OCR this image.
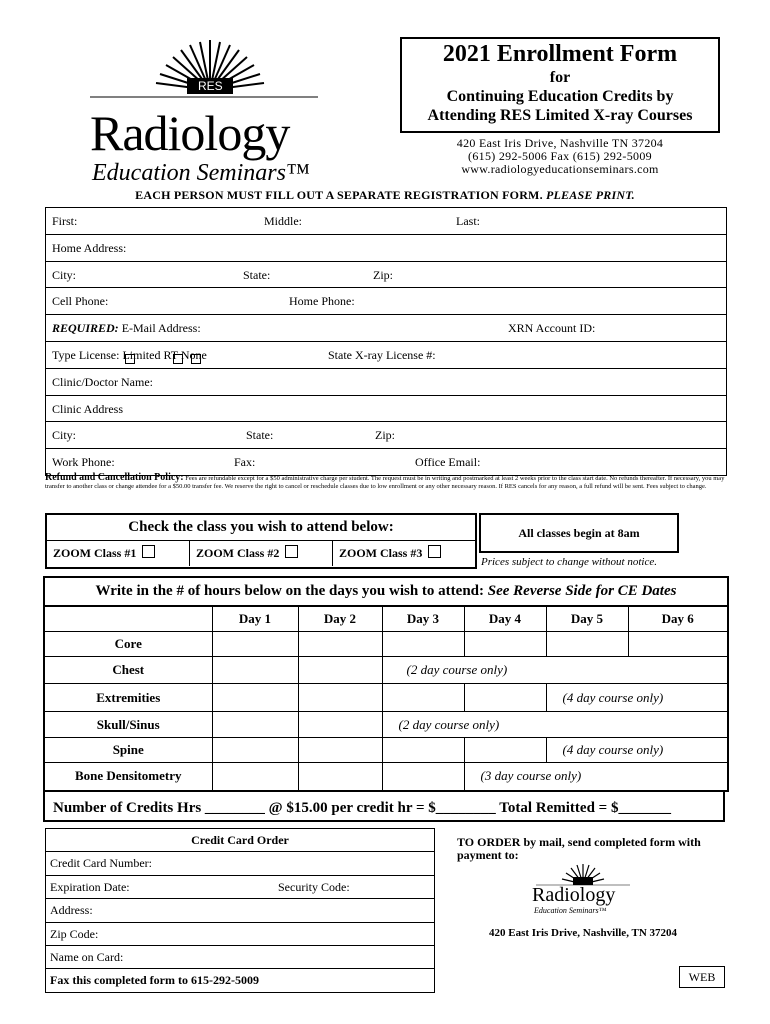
RES
Radiology
Education Seminars™
2021 Enrollment Form
for
Continuing Education Credits by
Attending RES Limited X-ray Courses
420 East Iris Drive, Nashville TN 37204
(615) 292-5006 Fax (615) 292-5009
www.radiologyeducationseminars.com
EACH PERSON MUST FILL OUT A SEPARATE REGISTRATION FORM. PLEASE PRINT.
First:	Middle:	Last:
Home Address:
City:	State:	Zip:
Cell Phone:	Home Phone:
REQUIRED: E-Mail Address:	XRN Account ID:
Type License: Limited RT None	State X-ray License #:
Clinic/Doctor Name:
Clinic Address
City:	State:	Zip:
Work Phone:	Fax:	Office Email:
Refund and Cancellation Policy: Fees are refundable except for a $50 administrative charge per student. The request must be in writing and postmarked at least 2 weeks prior to the class start date. No refunds thereafter. If necessary, you may transfer to another class or change attendee for a $50.00 transfer fee. We reserve the right to cancel or reschedule classes due to low enrollment or any other necessary reason. If RES cancels for any reason, a full refund will be sent. Fees subject to change.
Check the class you wish to attend below:
ZOOM Class #1	ZOOM Class #2	ZOOM Class #3
All classes begin at 8am
Prices subject to change without notice.
Write in the # of hours below on the days you wish to attend: See Reverse Side for CE Dates
	Day 1	Day 2	Day 3	Day 4	Day 5	Day 6
Core						
Chest			(2 day course only)			
Extremities					(4 day course only)	
Skull/Sinus			(2 day course only)			
Spine					(4 day course only)	
Bone Densitometry				(3 day course only)		
Number of Credits Hrs ________ @ $15.00 per credit hr = $________ Total Remitted = $_______
Credit Card Order
Credit Card Number:
Expiration Date:	Security Code:
Address:
Zip Code:
Name on Card:
Fax this completed form to 615-292-5009
TO ORDER by mail, send completed form with payment to:
Radiology
Education Seminars™
420 East Iris Drive, Nashville, TN 37204
WEB
